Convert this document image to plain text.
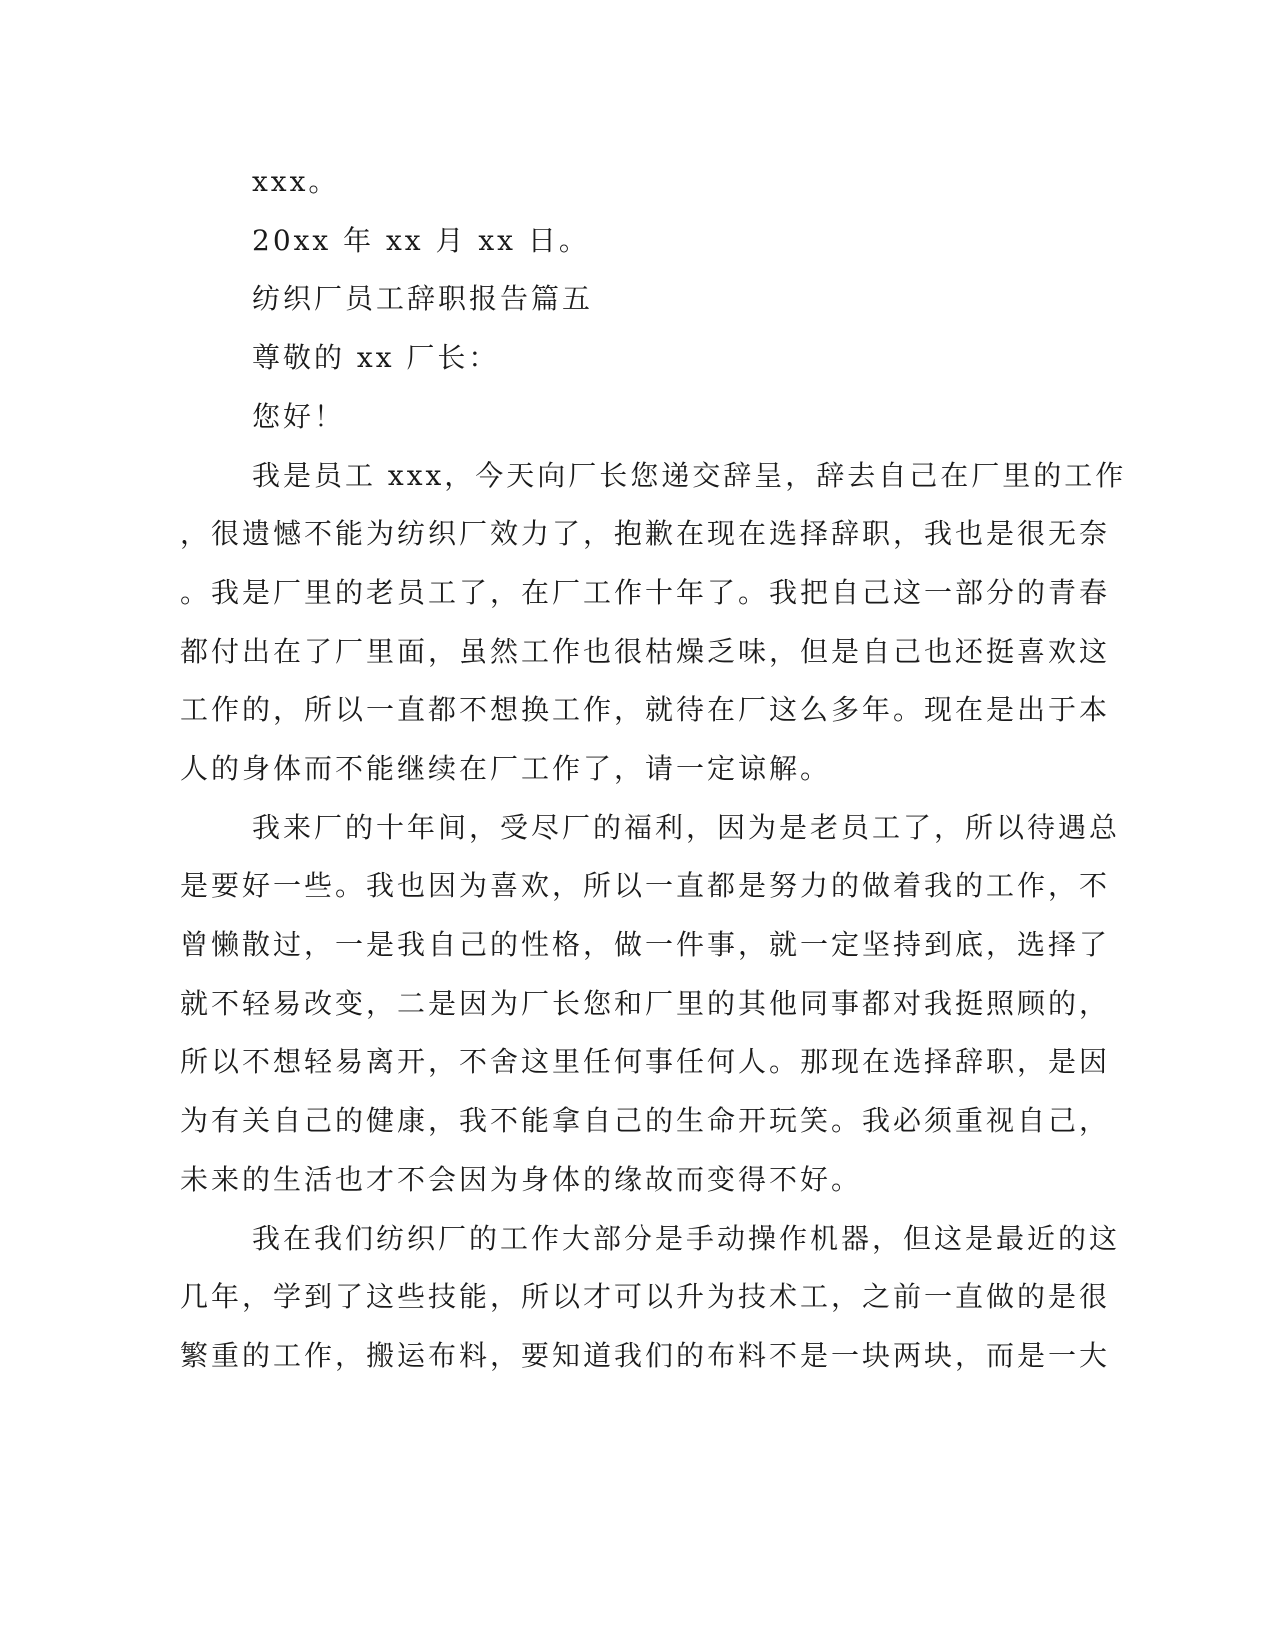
xxx。
20xx 年 xx 月 xx 日。
纺织厂员工辞职报告篇五
尊敬的 xx 厂长：
您好！
我是员工 xxx，今天向厂长您递交辞呈，辞去自己在厂里的工作
，很遗憾不能为纺织厂效力了，抱歉在现在选择辞职，我也是很无奈
。我是厂里的老员工了，在厂工作十年了。我把自己这一部分的青春
都付出在了厂里面，虽然工作也很枯燥乏味，但是自己也还挺喜欢这
工作的，所以一直都不想换工作，就待在厂这么多年。现在是出于本
人的身体而不能继续在厂工作了，请一定谅解。
我来厂的十年间，受尽厂的福利，因为是老员工了，所以待遇总
是要好一些。我也因为喜欢，所以一直都是努力的做着我的工作，不
曾懒散过，一是我自己的性格，做一件事，就一定坚持到底，选择了
就不轻易改变，二是因为厂长您和厂里的其他同事都对我挺照顾的，
所以不想轻易离开，不舍这里任何事任何人。那现在选择辞职，是因
为有关自己的健康，我不能拿自己的生命开玩笑。我必须重视自己，
未来的生活也才不会因为身体的缘故而变得不好。
我在我们纺织厂的工作大部分是手动操作机器，但这是最近的这
几年，学到了这些技能，所以才可以升为技术工，之前一直做的是很
繁重的工作，搬运布料，要知道我们的布料不是一块两块，而是一大
